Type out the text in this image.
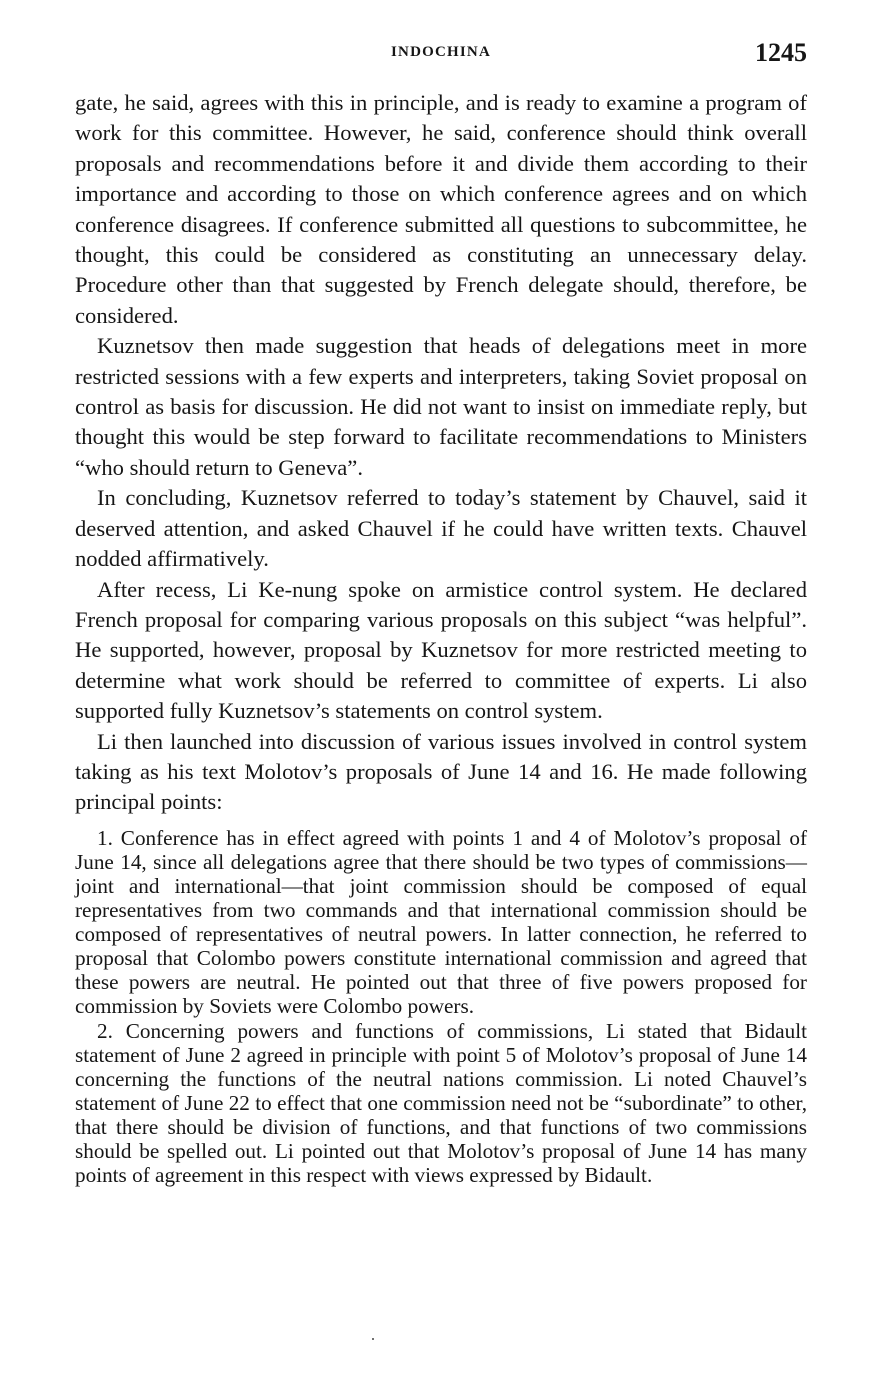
INDOCHINA	1245

gate, he said, agrees with this in principle, and is ready to examine a program of work for this committee. However, he said, conference should think overall proposals and recommendations before it and divide them according to their importance and according to those on which conference agrees and on which conference disagrees. If conference submitted all questions to subcommittee, he thought, this could be considered as constituting an unnecessary delay. Procedure other than that suggested by French delegate should, therefore, be considered.

Kuznetsov then made suggestion that heads of delegations meet in more restricted sessions with a few experts and interpreters, taking Soviet proposal on control as basis for discussion. He did not want to insist on immediate reply, but thought this would be step forward to facilitate recommendations to Ministers “who should return to Geneva”.

In concluding, Kuznetsov referred to today’s statement by Chauvel, said it deserved attention, and asked Chauvel if he could have written texts. Chauvel nodded affirmatively.

After recess, Li Ke-nung spoke on armistice control system. He declared French proposal for comparing various proposals on this subject “was helpful”. He supported, however, proposal by Kuznetsov for more restricted meeting to determine what work should be referred to committee of experts. Li also supported fully Kuznetsov’s statements on control system.

Li then launched into discussion of various issues involved in control system taking as his text Molotov’s proposals of June 14 and 16. He made following principal points:

1. Conference has in effect agreed with points 1 and 4 of Molotov’s proposal of June 14, since all delegations agree that there should be two types of commissions—joint and international—that joint commission should be composed of equal representatives from two commands and that international commission should be composed of representatives of neutral powers. In latter connection, he referred to proposal that Colombo powers constitute international commission and agreed that these powers are neutral. He pointed out that three of five powers proposed for commission by Soviets were Colombo powers.

2. Concerning powers and functions of commissions, Li stated that Bidault statement of June 2 agreed in principle with point 5 of Molotov’s proposal of June 14 concerning the functions of the neutral nations commission. Li noted Chauvel’s statement of June 22 to effect that one commission need not be “subordinate” to other, that there should be division of functions, and that functions of two commissions should be spelled out. Li pointed out that Molotov’s proposal of June 14 has many points of agreement in this respect with views expressed by Bidault.
